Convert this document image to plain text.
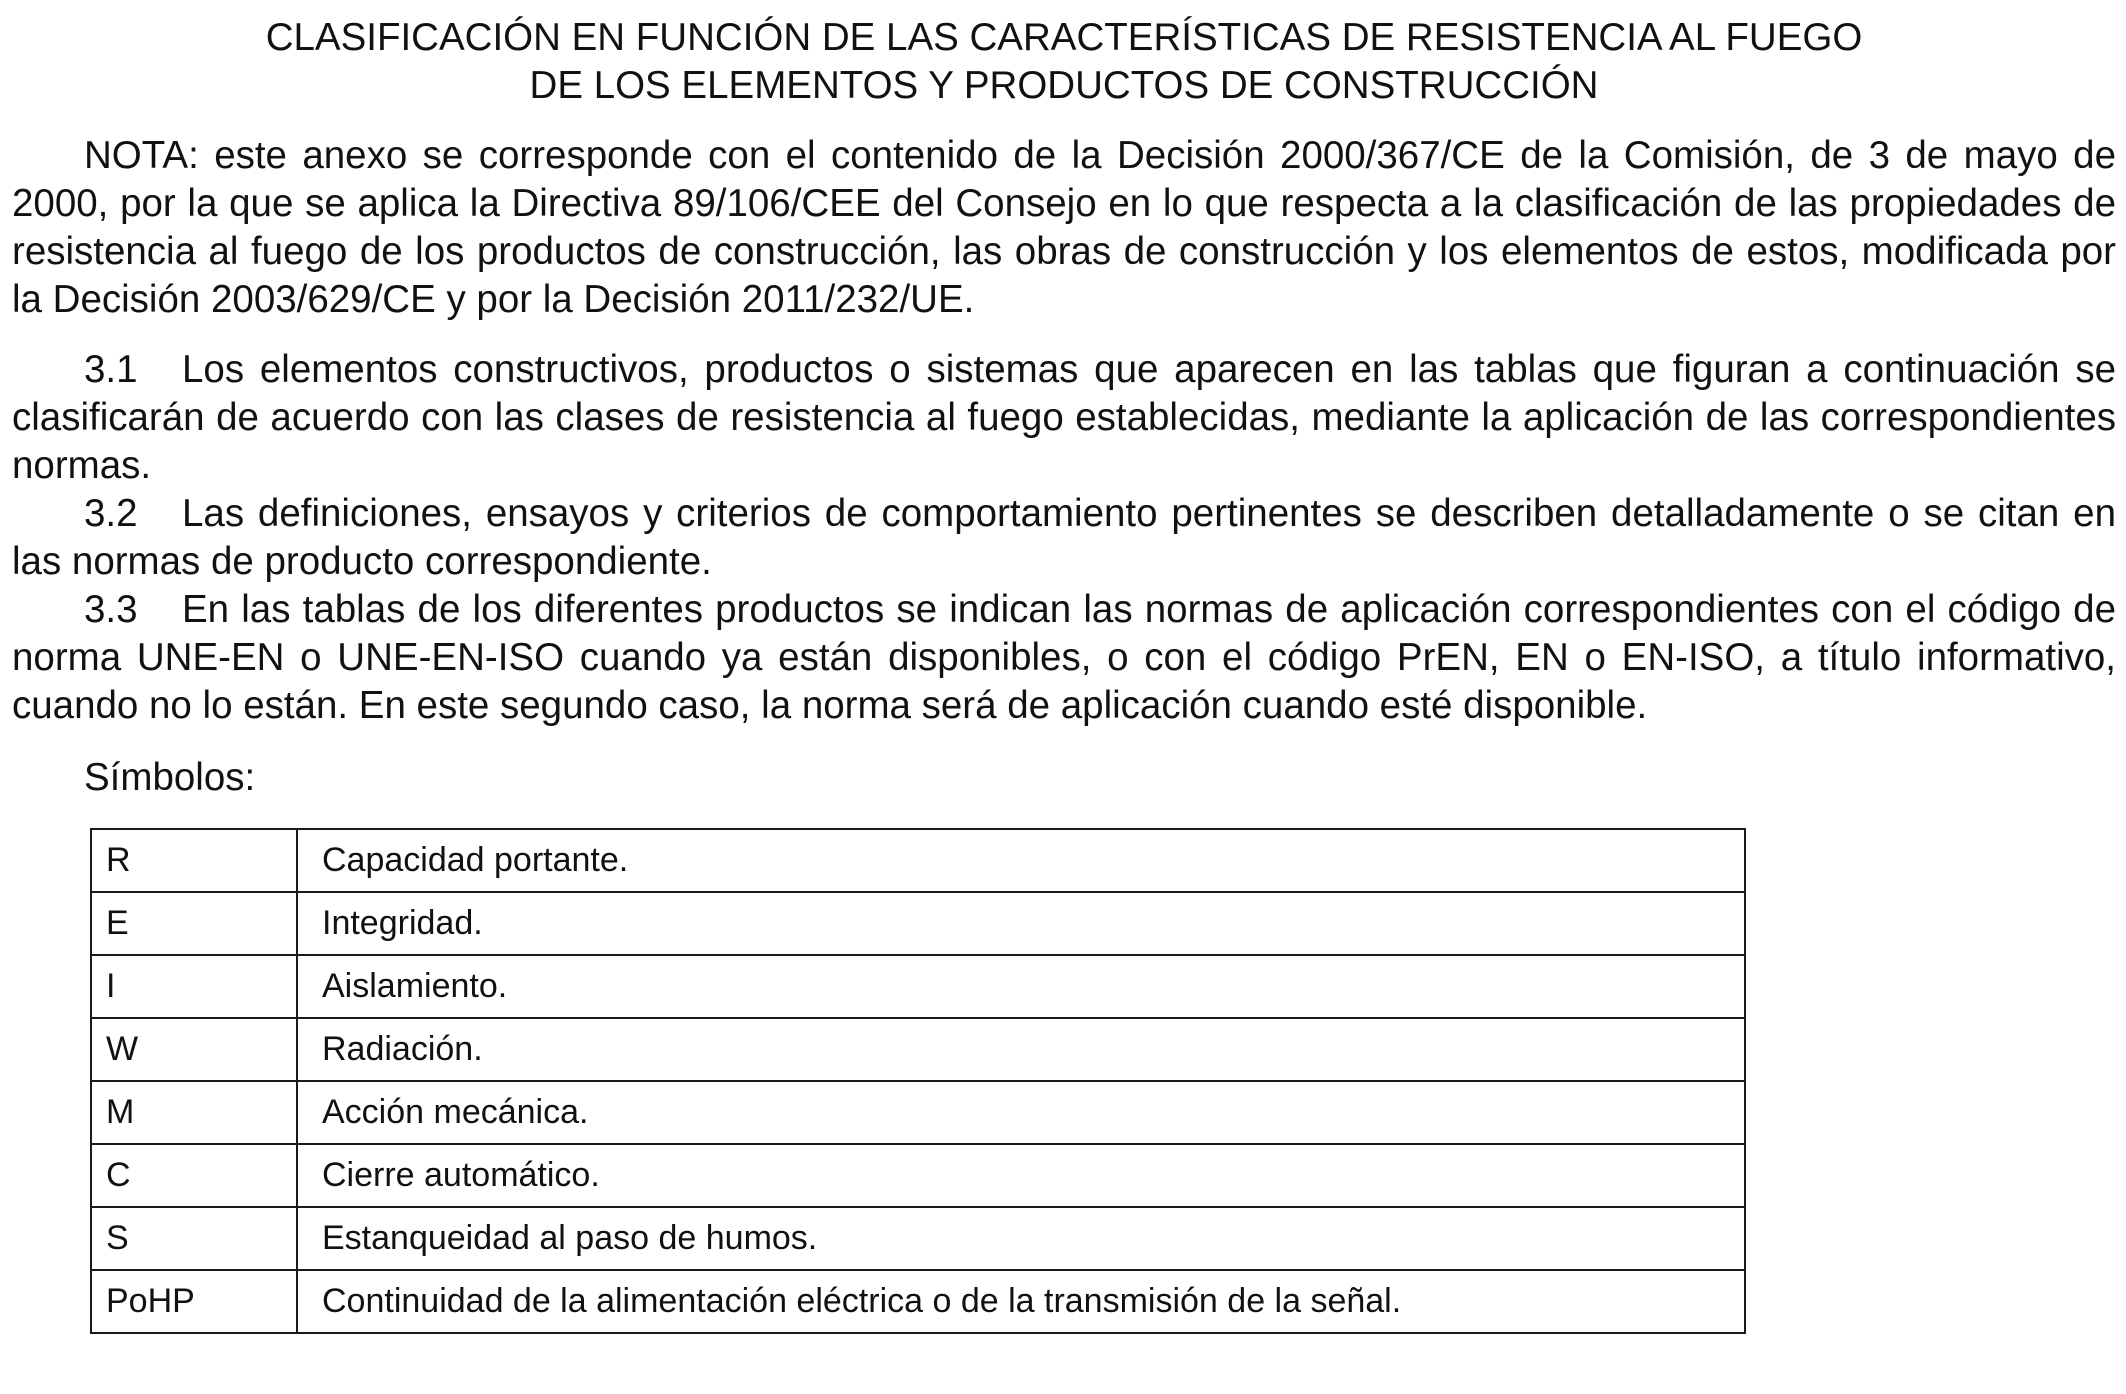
CLASIFICACIÓN EN FUNCIÓN DE LAS CARACTERÍSTICAS DE RESISTENCIA AL FUEGO
DE LOS ELEMENTOS Y PRODUCTOS DE CONSTRUCCIÓN

NOTA: este anexo se corresponde con el contenido de la Decisión 2000/367/CE de la Comisión, de 3 de mayo de 2000, por la que se aplica la Directiva 89/106/CEE del Consejo en lo que respecta a la clasificación de las propiedades de resistencia al fuego de los productos de construcción, las obras de construcción y los elementos de estos, modificada por la Decisión 2003/629/CE y por la Decisión 2011/232/UE.

3.1 Los elementos constructivos, productos o sistemas que aparecen en las tablas que figuran a continuación se clasificarán de acuerdo con las clases de resistencia al fuego establecidas, mediante la aplicación de las correspondientes normas.

3.2 Las definiciones, ensayos y criterios de comportamiento pertinentes se describen detalladamente o se citan en las normas de producto correspondiente.

3.3 En las tablas de los diferentes productos se indican las normas de aplicación correspondientes con el código de norma UNE-EN o UNE-EN-ISO cuando ya están disponibles, o con el código PrEN, EN o EN-ISO, a título informativo, cuando no lo están. En este segundo caso, la norma será de aplicación cuando esté disponible.

Símbolos:

R	Capacidad portante.
E	Integridad.
I	Aislamiento.
W	Radiación.
M	Acción mecánica.
C	Cierre automático.
S	Estanqueidad al paso de humos.
PoHP	Continuidad de la alimentación eléctrica o de la transmisión de la señal.
